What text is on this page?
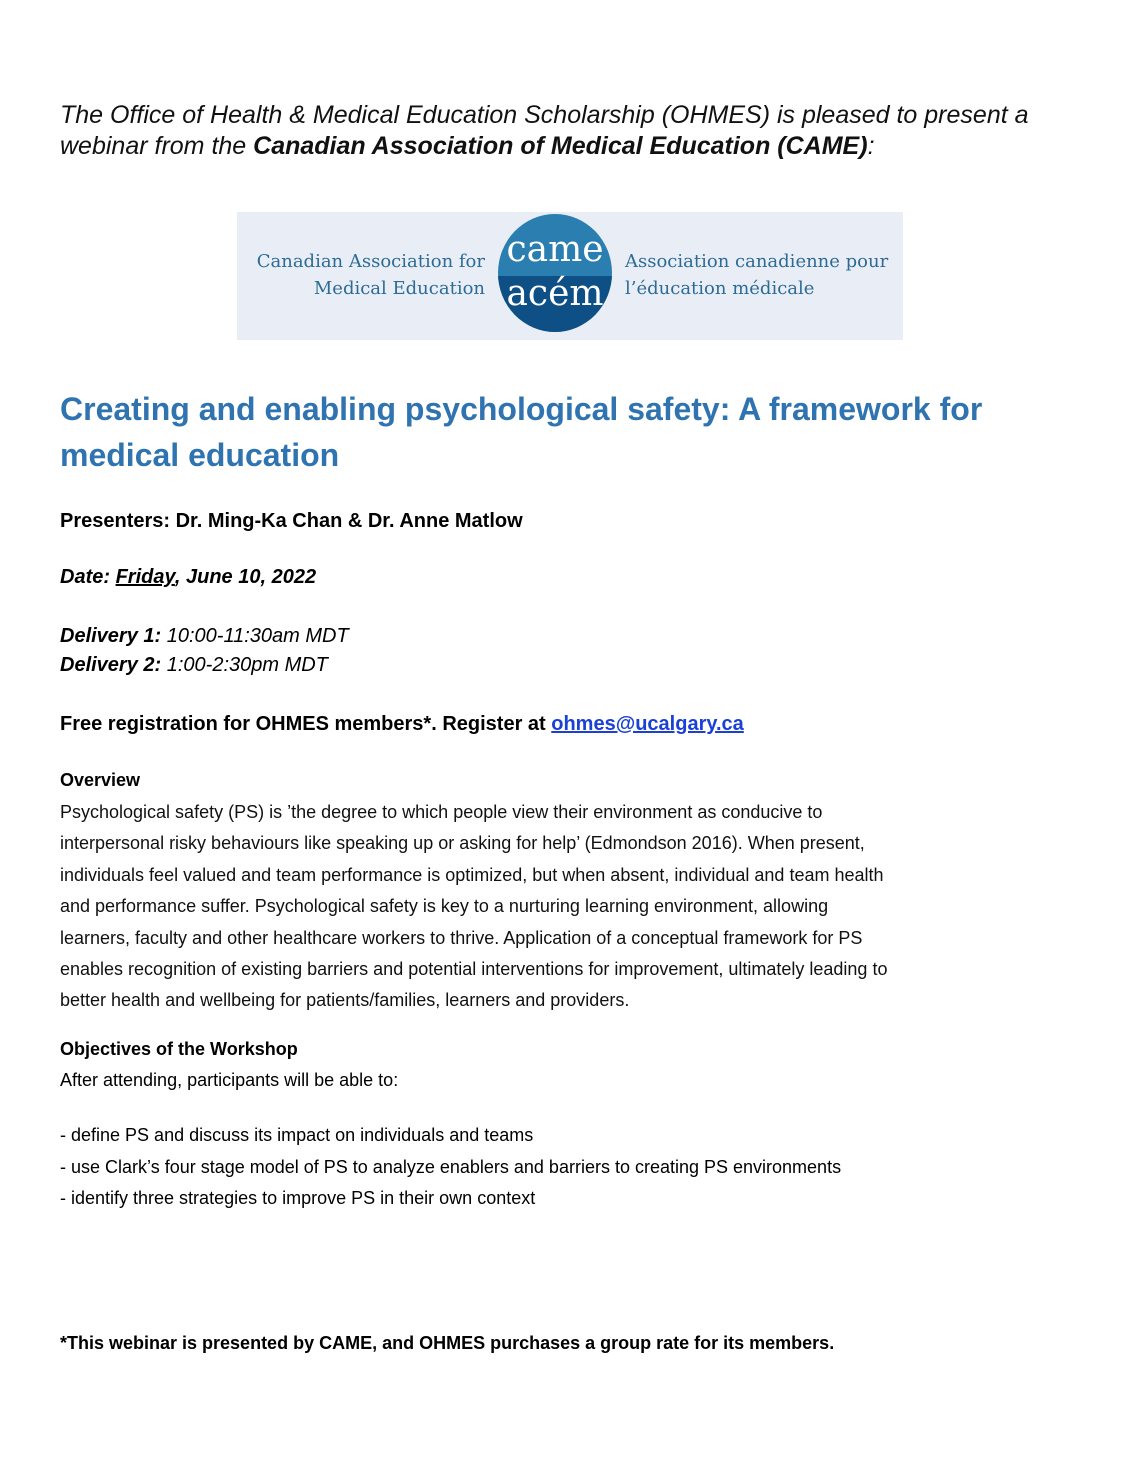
The Office of Health & Medical Education Scholarship (OHMES) is pleased to present a
webinar from the Canadian Association of Medical Education (CAME):
Canadian Association for
Medical Education
came
acém
Association canadienne pour
l’éducation médicale
Creating and enabling psychological safety: A framework for medical education
Presenters: Dr. Ming-Ka Chan & Dr. Anne Matlow
Date: Friday, June 10, 2022
Delivery 1: 10:00-11:30am MDT
Delivery 2: 1:00-2:30pm MDT
Free registration for OHMES members*. Register at ohmes@ucalgary.ca
Overview
Psychological safety (PS) is ’the degree to which people view their environment as conducive to
interpersonal risky behaviours like speaking up or asking for help’ (Edmondson 2016). When present,
individuals feel valued and team performance is optimized, but when absent, individual and team health
and performance suffer. Psychological safety is key to a nurturing learning environment, allowing
learners, faculty and other healthcare workers to thrive. Application of a conceptual framework for PS
enables recognition of existing barriers and potential interventions for improvement, ultimately leading to
better health and wellbeing for patients/families, learners and providers.
Objectives of the Workshop
After attending, participants will be able to:
- define PS and discuss its impact on individuals and teams
- use Clark’s four stage model of PS to analyze enablers and barriers to creating PS environments
- identify three strategies to improve PS in their own context
*This webinar is presented by CAME, and OHMES purchases a group rate for its members.
